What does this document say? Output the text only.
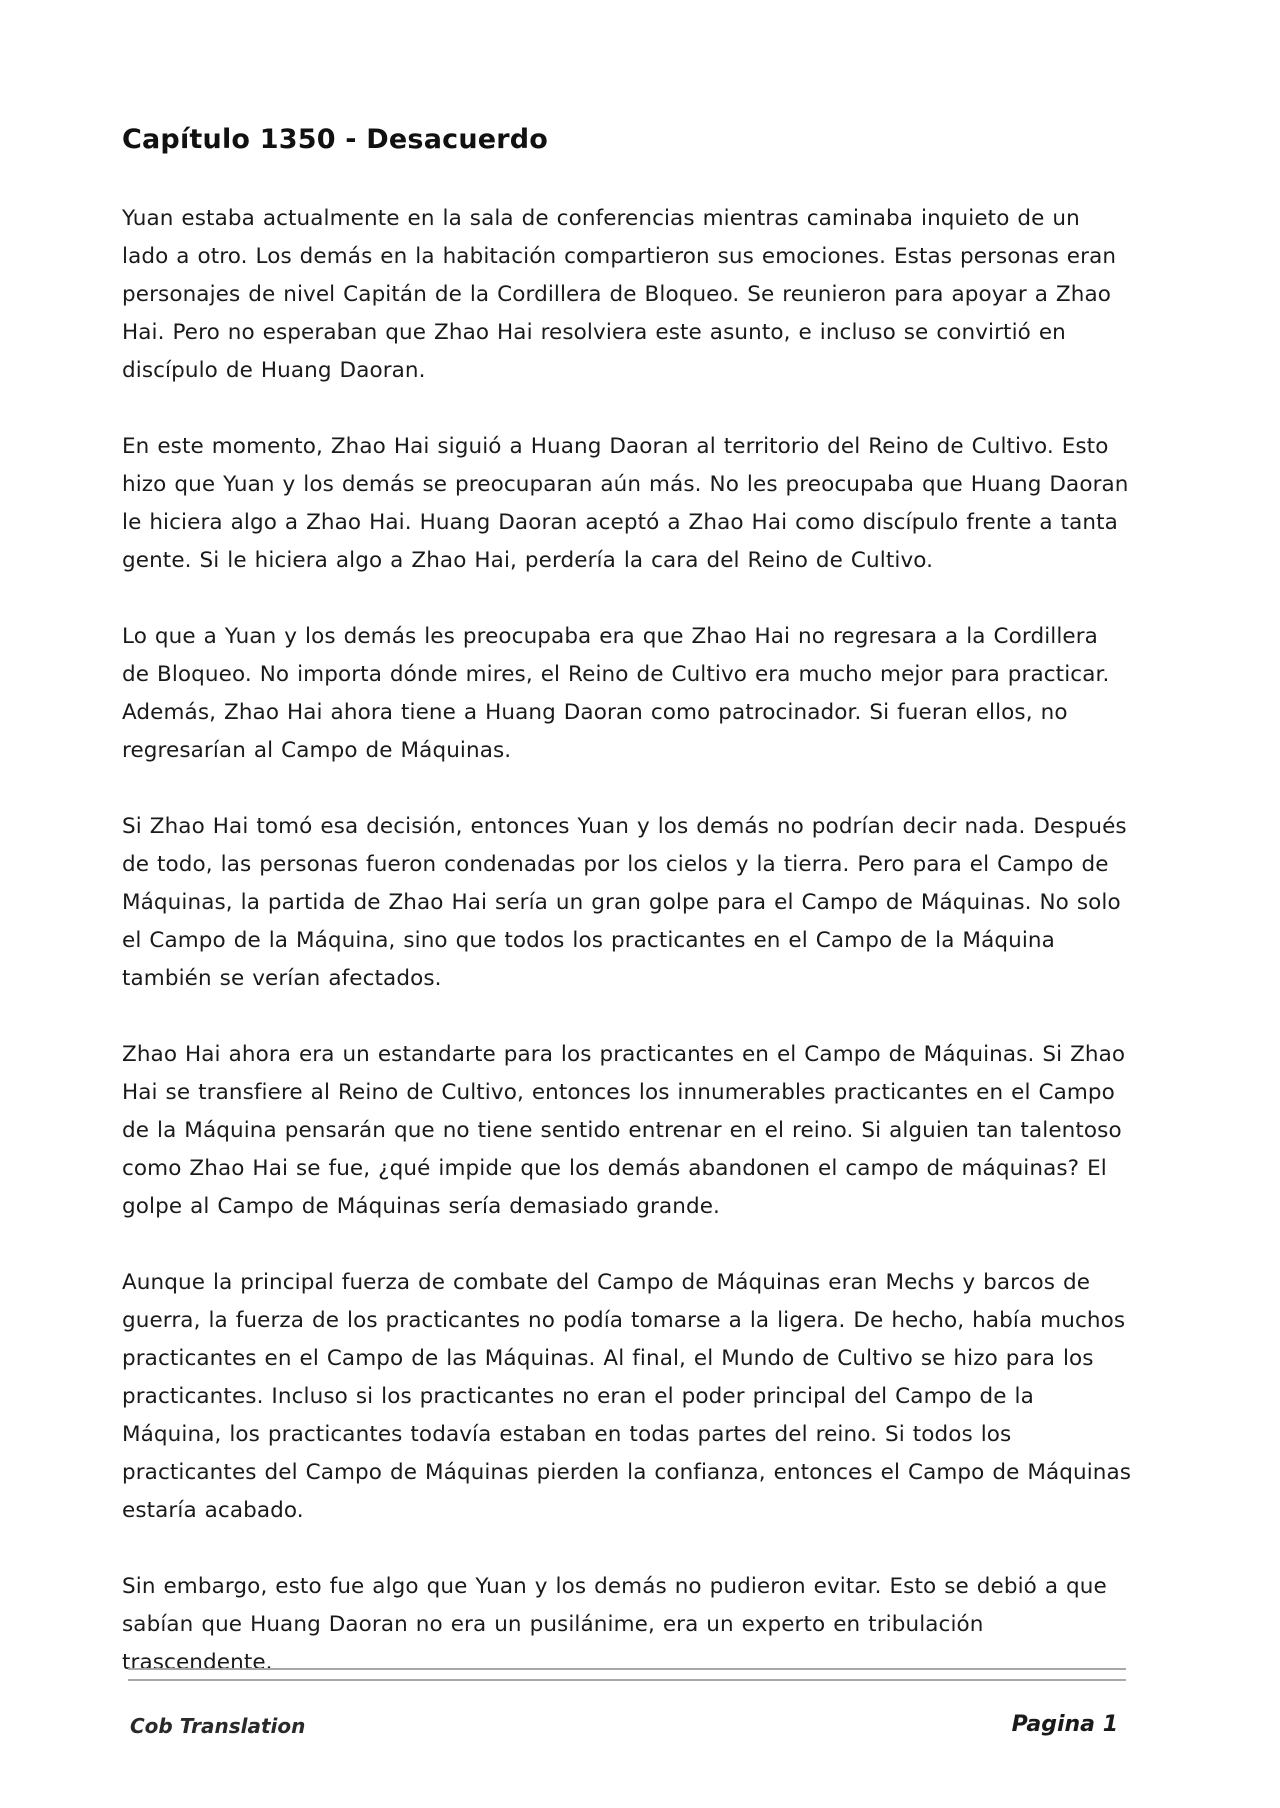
Capítulo 1350 - Desacuerdo

Yuan estaba actualmente en la sala de conferencias mientras caminaba inquieto de un lado a otro. Los demás en la habitación compartieron sus emociones. Estas personas eran personajes de nivel Capitán de la Cordillera de Bloqueo. Se reunieron para apoyar a Zhao Hai. Pero no esperaban que Zhao Hai resolviera este asunto, e incluso se convirtió en discípulo de Huang Daoran.

En este momento, Zhao Hai siguió a Huang Daoran al territorio del Reino de Cultivo. Esto hizo que Yuan y los demás se preocuparan aún más. No les preocupaba que Huang Daoran le hiciera algo a Zhao Hai. Huang Daoran aceptó a Zhao Hai como discípulo frente a tanta gente. Si le hiciera algo a Zhao Hai, perdería la cara del Reino de Cultivo.

Lo que a Yuan y los demás les preocupaba era que Zhao Hai no regresara a la Cordillera de Bloqueo. No importa dónde mires, el Reino de Cultivo era mucho mejor para practicar. Además, Zhao Hai ahora tiene a Huang Daoran como patrocinador. Si fueran ellos, no regresarían al Campo de Máquinas.

Si Zhao Hai tomó esa decisión, entonces Yuan y los demás no podrían decir nada. Después de todo, las personas fueron condenadas por los cielos y la tierra. Pero para el Campo de Máquinas, la partida de Zhao Hai sería un gran golpe para el Campo de Máquinas. No solo el Campo de la Máquina, sino que todos los practicantes en el Campo de la Máquina también se verían afectados.

Zhao Hai ahora era un estandarte para los practicantes en el Campo de Máquinas. Si Zhao Hai se transfiere al Reino de Cultivo, entonces los innumerables practicantes en el Campo de la Máquina pensarán que no tiene sentido entrenar en el reino. Si alguien tan talentoso como Zhao Hai se fue, ¿qué impide que los demás abandonen el campo de máquinas? El golpe al Campo de Máquinas sería demasiado grande.

Aunque la principal fuerza de combate del Campo de Máquinas eran Mechs y barcos de guerra, la fuerza de los practicantes no podía tomarse a la ligera. De hecho, había muchos practicantes en el Campo de las Máquinas. Al final, el Mundo de Cultivo se hizo para los practicantes. Incluso si los practicantes no eran el poder principal del Campo de la Máquina, los practicantes todavía estaban en todas partes del reino. Si todos los practicantes del Campo de Máquinas pierden la confianza, entonces el Campo de Máquinas estaría acabado.

Sin embargo, esto fue algo que Yuan y los demás no pudieron evitar. Esto se debió a que sabían que Huang Daoran no era un pusilánime, era un experto en tribulación trascendente.

Cob Translation	Pagina 1
